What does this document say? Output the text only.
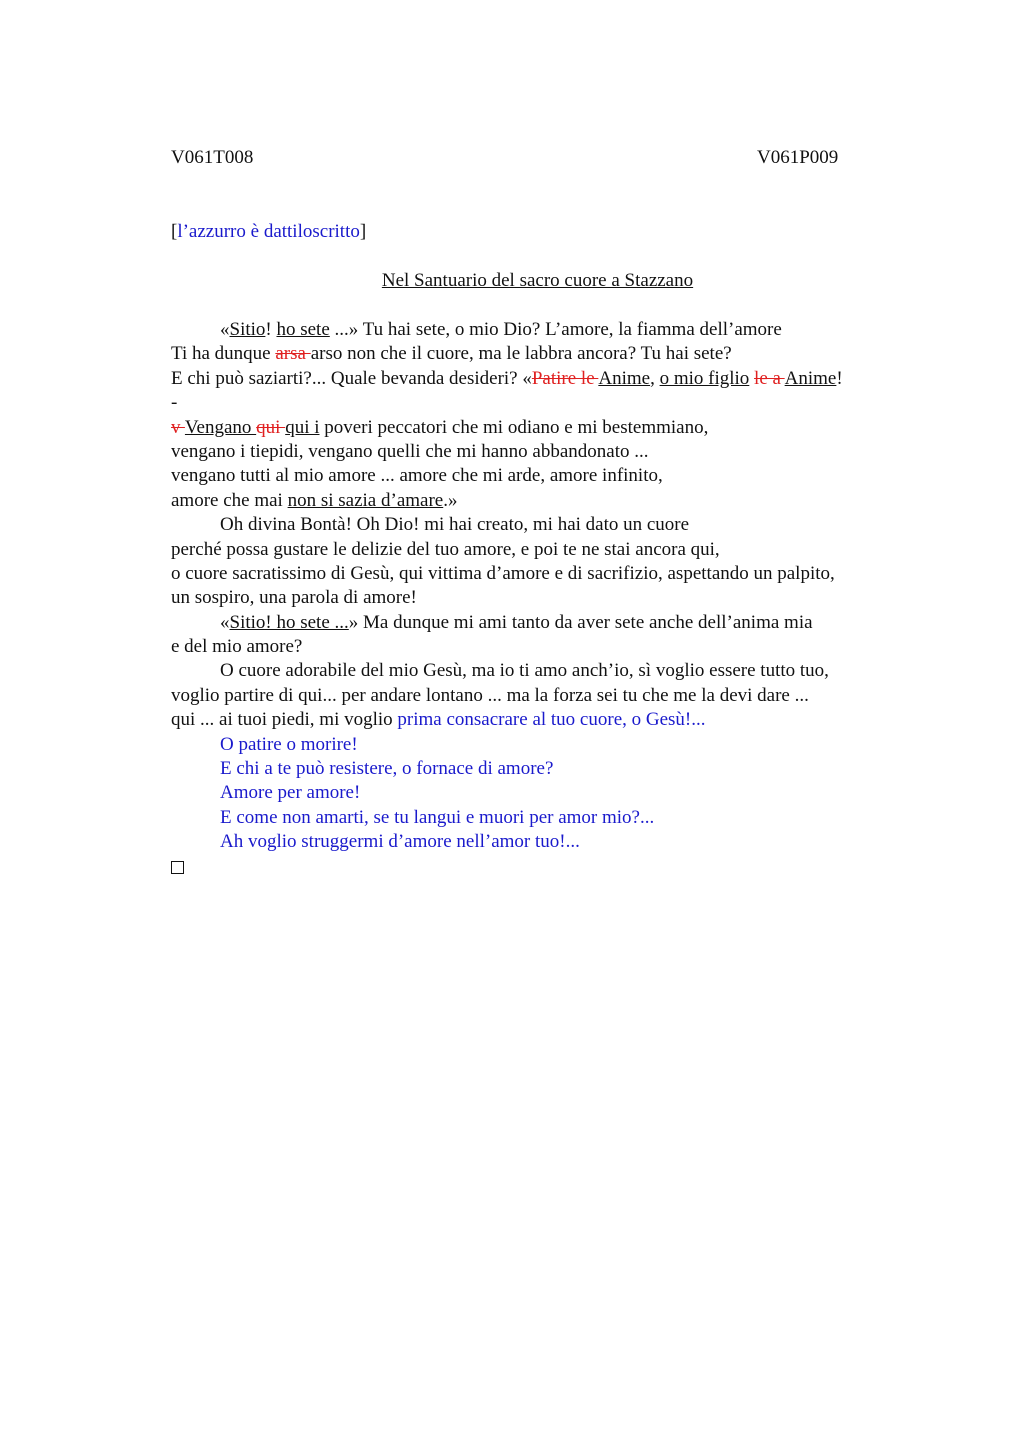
V061T008	V061P009
[l’azzurro è dattiloscritto]
Nel Santuario del sacro cuore a Stazzano
«Sitio! ho sete ...» Tu hai sete, o mio Dio? L’amore, la fiamma dell’amore
Ti ha dunque arsa arso non che il cuore, ma le labbra ancora? Tu hai sete?
E chi può saziarti?... Quale bevanda desideri? «Patire le Anime, o mio figlio le a Anime!
-
v Vengano qui qui i poveri peccatori che mi odiano e mi bestemmiano,
vengano i tiepidi, vengano quelli che mi hanno abbandonato ...
vengano tutti al mio amore ... amore che mi arde, amore infinito,
amore che mai non si sazia d’amare.»
Oh divina Bontà! Oh Dio! mi hai creato, mi hai dato un cuore
perché possa gustare le delizie del tuo amore, e poi te ne stai ancora qui,
o cuore sacratissimo di Gesù, qui vittima d’amore e di sacrifizio, aspettando un palpito,
un sospiro, una parola di amore!
«Sitio! ho sete ...» Ma dunque mi ami tanto da aver sete anche dell’anima mia
e del mio amore?
O cuore adorabile del mio Gesù, ma io ti amo anch’io, sì voglio essere tutto tuo,
voglio partire di qui... per andare lontano ... ma la forza sei tu che me la devi dare ...
qui ... ai tuoi piedi, mi voglio prima consacrare al tuo cuore, o Gesù!...
O patire o morire!
E chi a te può resistere, o fornace di amore?
Amore per amore!
E come non amarti, se tu langui e muori per amor mio?...
Ah voglio struggermi d’amore nell’amor tuo!...
